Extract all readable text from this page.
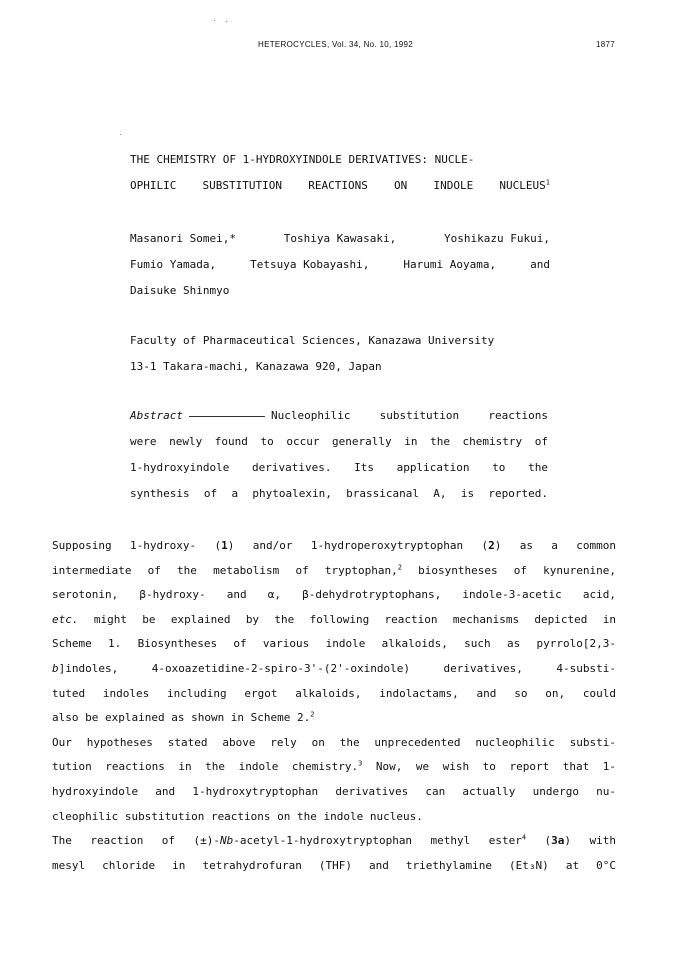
HETEROCYCLES, Vol. 34, No. 10, 1992	1877
THE CHEMISTRY OF 1-HYDROXYINDOLE DERIVATIVES: NUCLE-
OPHILIC SUBSTITUTION REACTIONS ON INDOLE NUCLEUS$^1$
Masanori Somei,*	Toshiya Kawasaki,	Yoshikazu Fukui,
Fumio Yamada,	Tetsuya Kobayashi,	Harumi Aoyama,	and
Daisuke Shinmyo
Faculty of Pharmaceutical Sciences, Kanazawa University
13-1 Takara-machi, Kanazawa 920, Japan
Abstract	Nucleophilic substitution reactions
were newly found to occur generally in the chemistry of
1-hydroxyindole derivatives. Its application to the
synthesis of a phytoalexin, brassicanal A, is reported.
Supposing 1-hydroxy- (1) and/or 1-hydroperoxytryptophan (2) as a common
intermediate of the metabolism of tryptophan,$^2$ biosyntheses of kynurenine,
serotonin, β-hydroxy- and α, β-dehydrotryptophans, indole-3-acetic acid,
etc. might be explained by the following reaction mechanisms depicted in
Scheme 1. Biosyntheses of various indole alkaloids, such as pyrrolo[2,3-
b]indoles, 4-oxoazetidine-2-spiro-3'-(2'-oxindole) derivatives, 4-substi-
tuted indoles including ergot alkaloids, indolactams, and so on, could
also be explained as shown in Scheme 2.$^2$
Our hypotheses stated above rely on the unprecedented nucleophilic substi-
tution reactions in the indole chemistry.$^3$ Now, we wish to report that 1-
hydroxyindole and 1-hydroxytryptophan derivatives can actually undergo nu-
cleophilic substitution reactions on the indole nucleus.
The reaction of (±)-Nb-acetyl-1-hydroxytryptophan methyl ester$^4$ (3a) with
mesyl chloride in tetrahydrofuran (THF) and triethylamine (Et₃N) at 0°C
